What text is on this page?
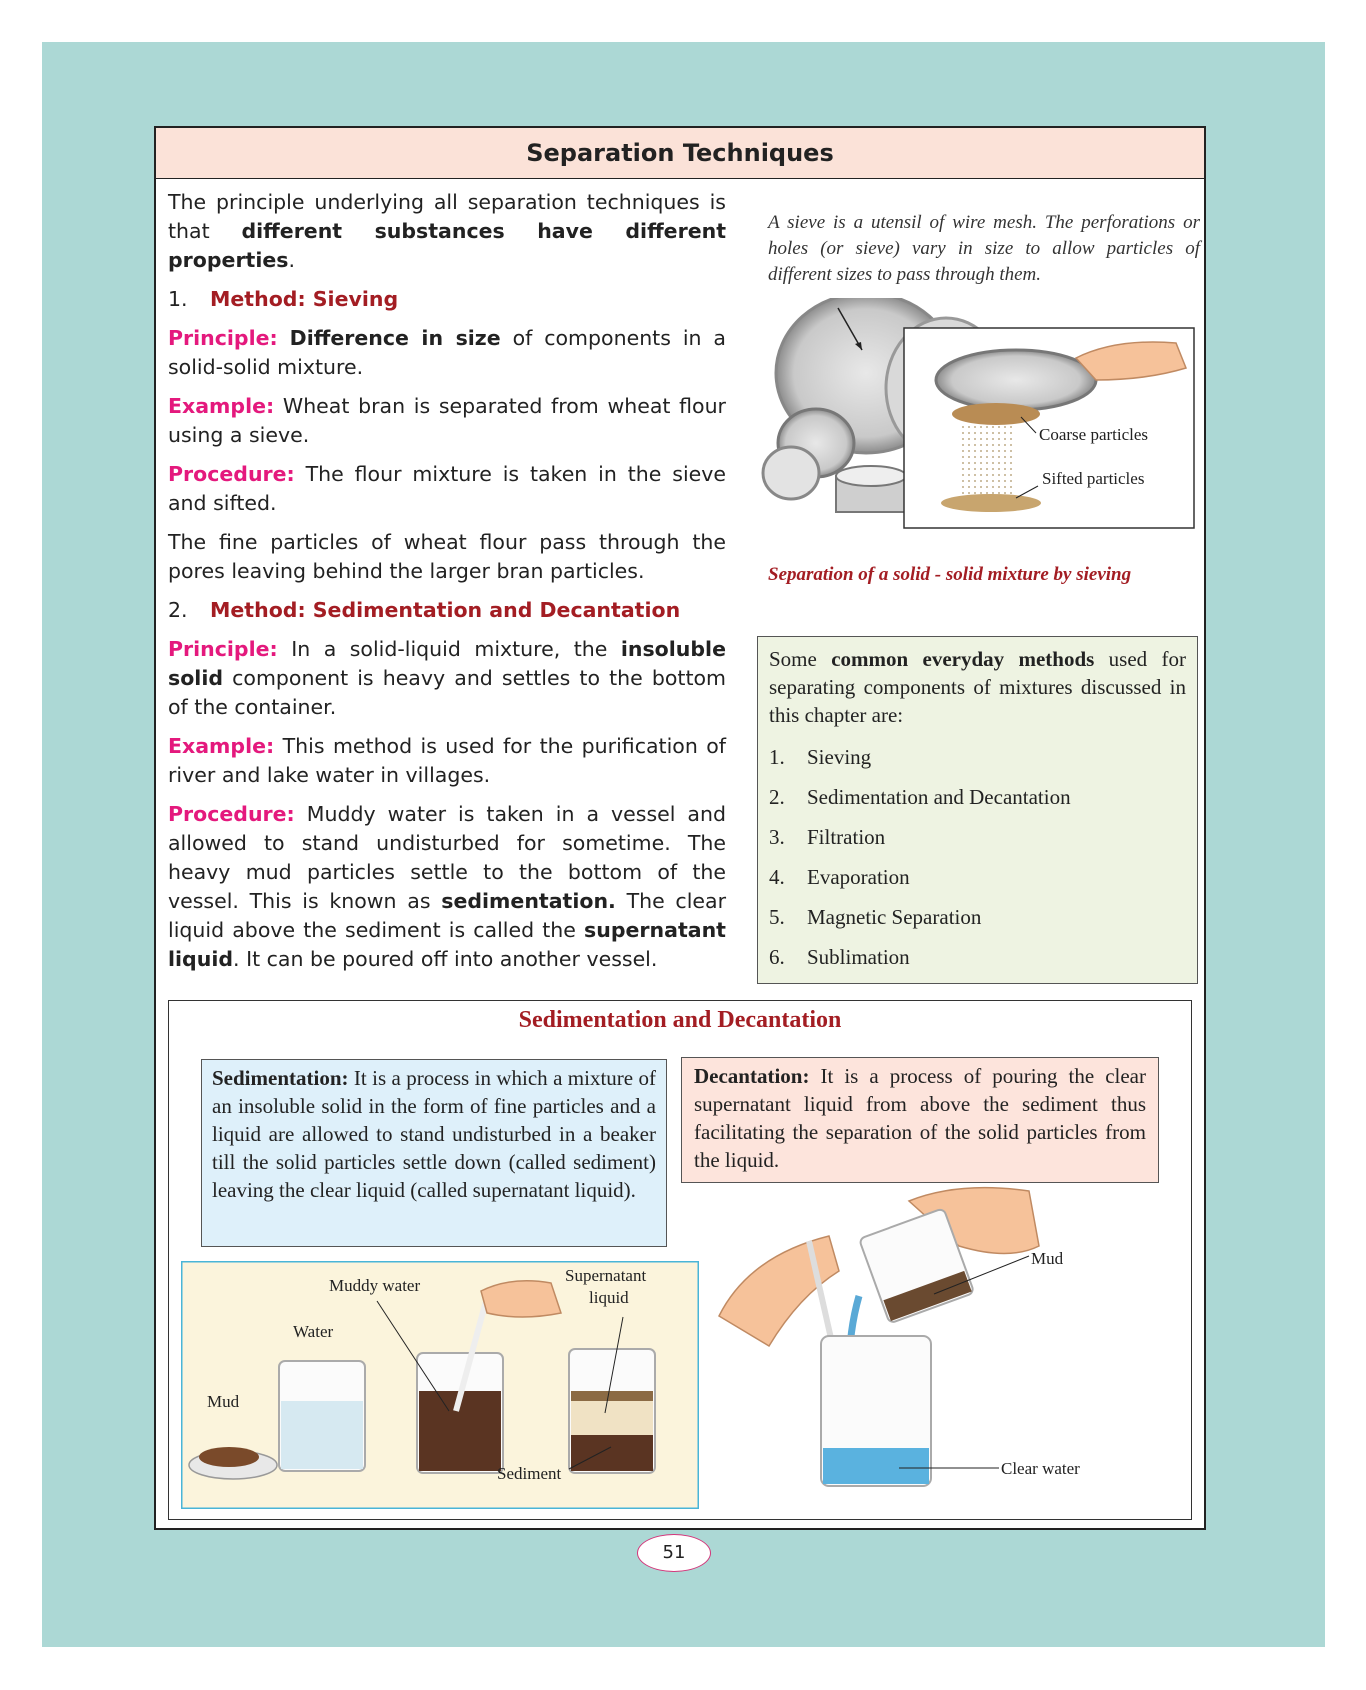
Separation Techniques

The principle underlying all separation techniques is that different substances have different properties.

1.	Method: Sieving

Principle: Difference in size of components in a solid-solid mixture.

Example: Wheat bran is separated from wheat flour using a sieve.

Procedure: The flour mixture is taken in the sieve and sifted.

The fine particles of wheat flour pass through the pores leaving behind the larger bran particles.

2.	Method: Sedimentation and Decantation

Principle: In a solid-liquid mixture, the insoluble solid component is heavy and settles to the bottom of the container.

Example: This method is used for the purification of river and lake water in villages.

Procedure: Muddy water is taken in a vessel and allowed to stand undisturbed for sometime. The heavy mud particles settle to the bottom of the vessel. This is known as sedimentation. The clear liquid above the sediment is called the supernatant liquid. It can be poured off into another vessel.

A sieve is a utensil of wire mesh. The perforations or holes (or sieve) vary in size to allow particles of different sizes to pass through them.
Coarse particles
Sifted particles
Separation of a solid - solid mixture by sieving
Some common everyday methods used for separating components of mixtures discussed in this chapter are:
1.	Sieving
2.	Sedimentation and Decantation
3.	Filtration
4.	Evaporation
5.	Magnetic Separation
6.	Sublimation
Sedimentation and Decantation
Sedimentation: It is a process in which a mixture of an insoluble solid in the form of fine particles and a liquid are allowed to stand undisturbed in a beaker till the solid particles settle down (called sediment) leaving the clear liquid (called supernatant liquid).
Decantation: It is a process of pouring the clear supernatant liquid from above the sediment thus facilitating the separation of the solid particles from the liquid.
Muddy water
Water
Mud
Supernatant
liquid
Sediment
Mud
Clear water
51
